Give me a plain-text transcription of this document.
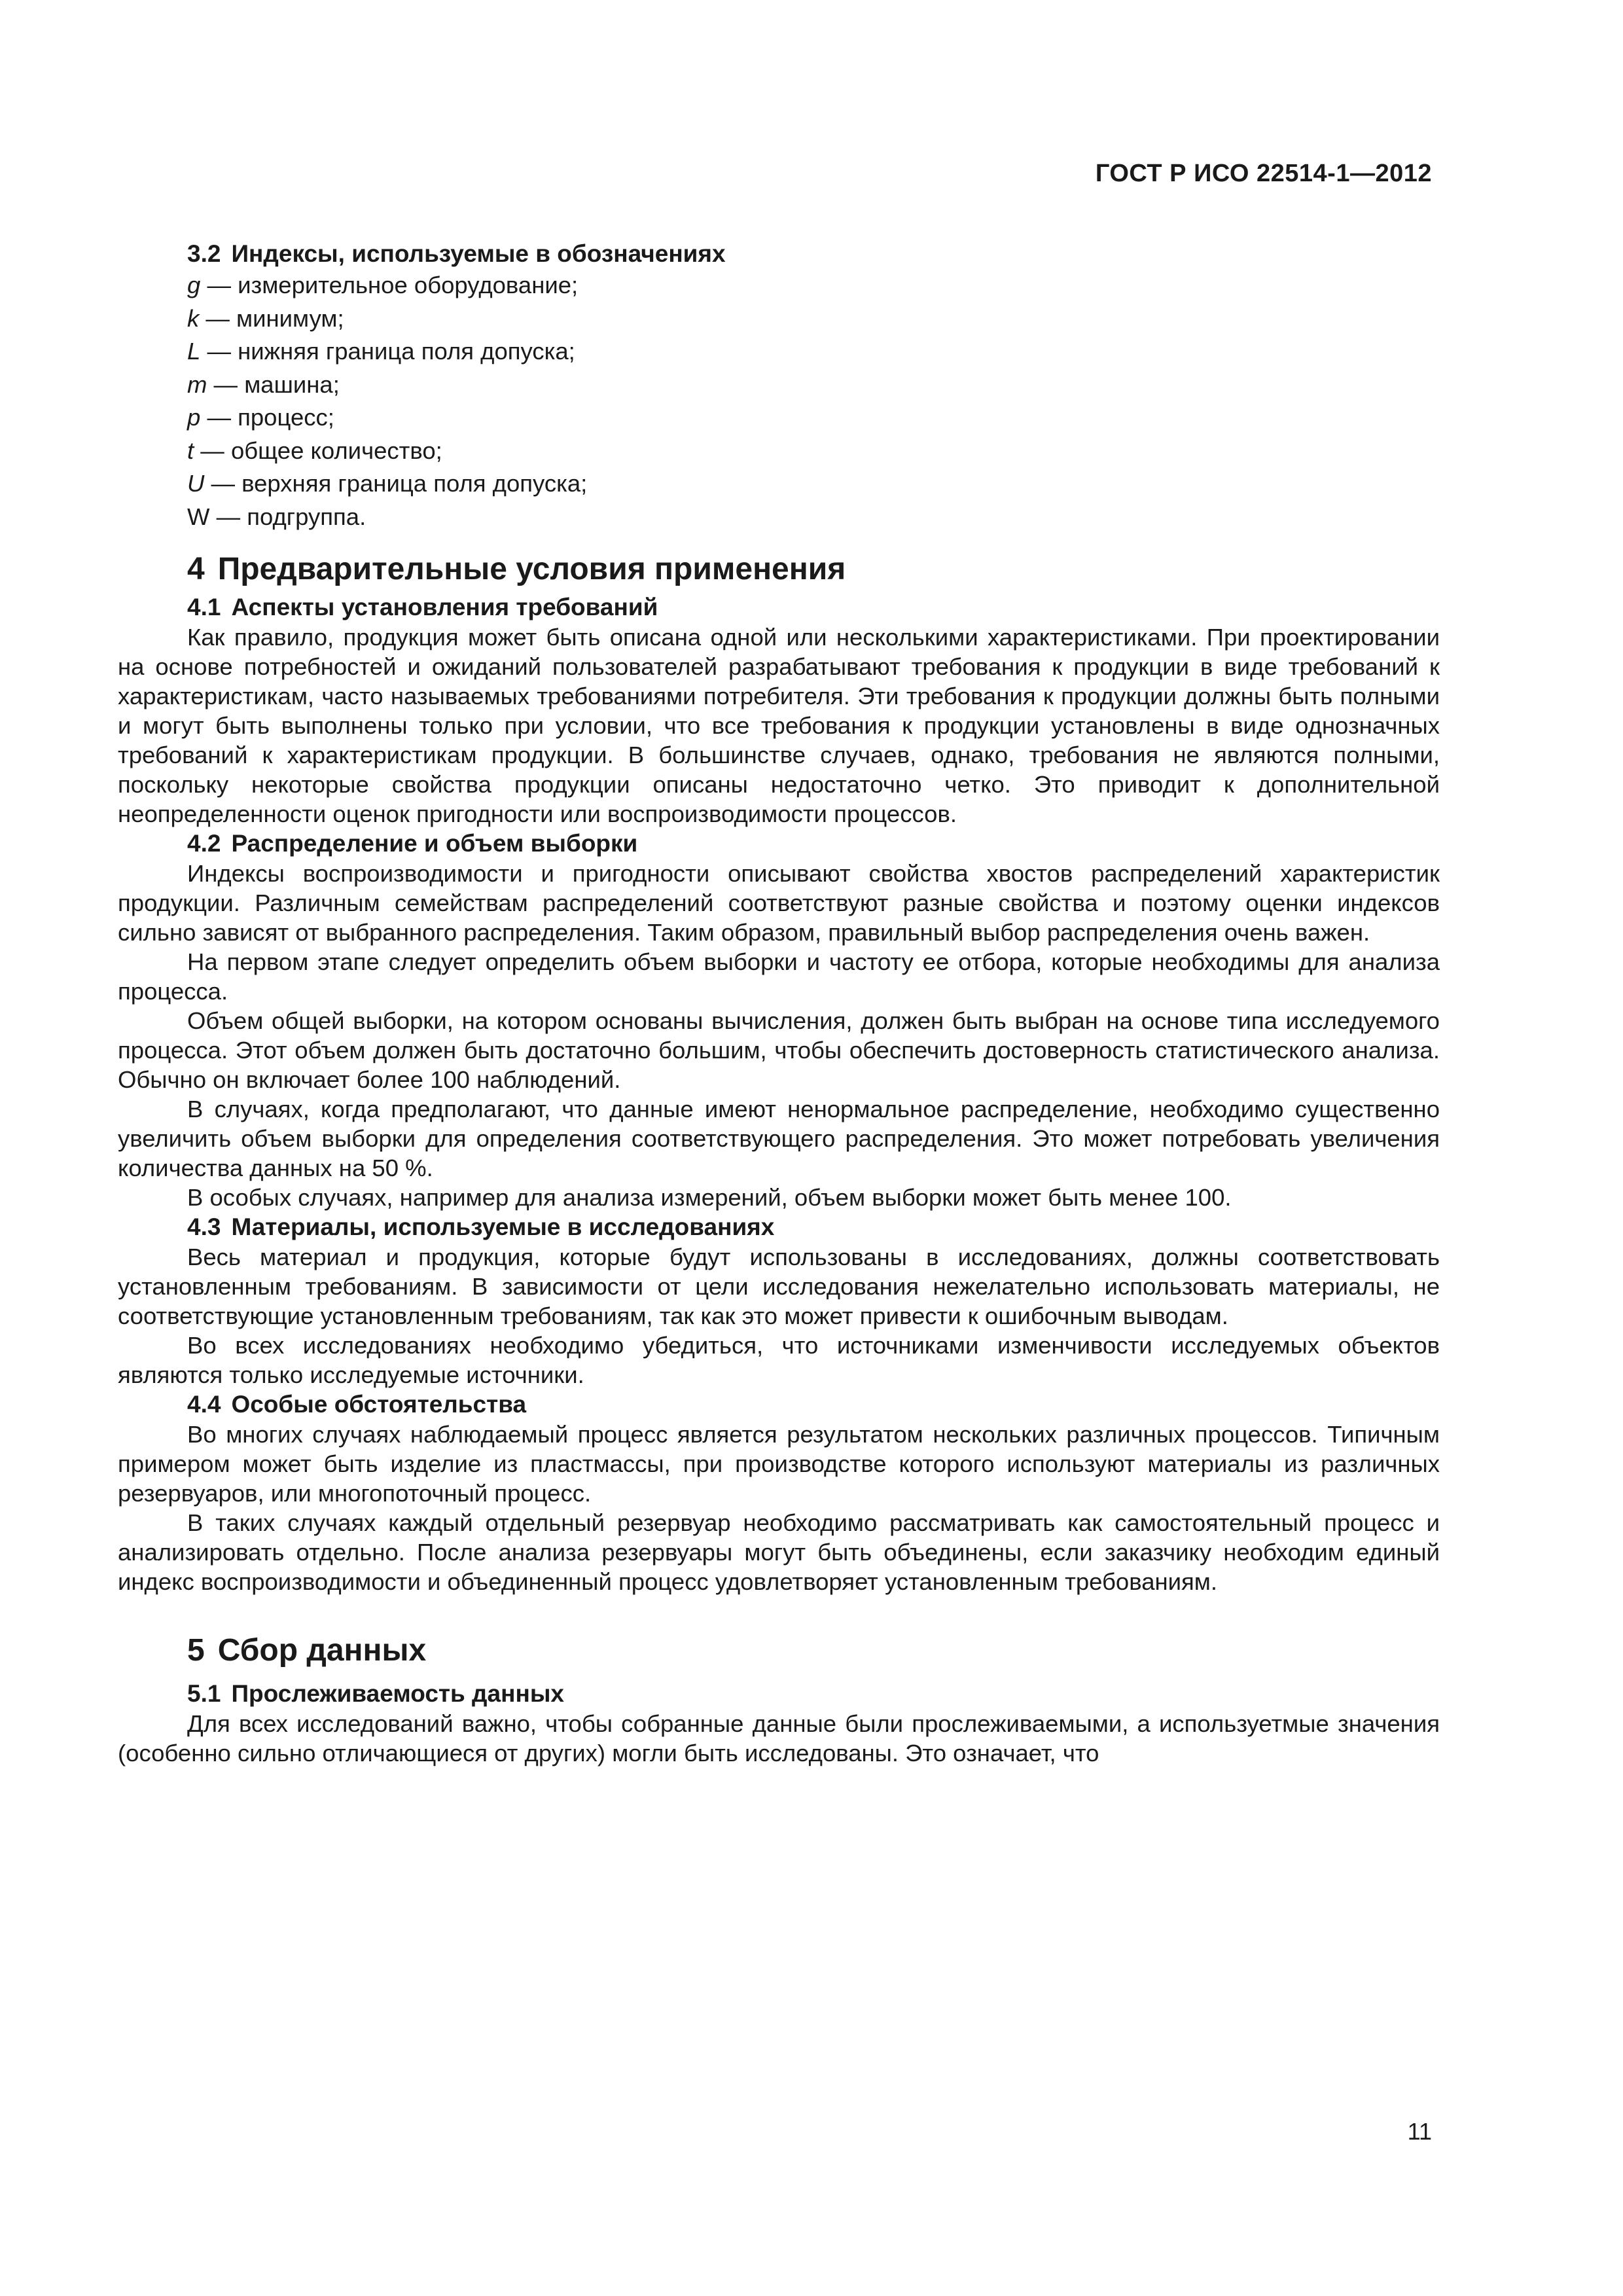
ГОСТ Р ИСО 22514-1—2012
3.2 Индексы, используемые в обозначениях
g — измерительное оборудование;
k — минимум;
L — нижняя граница поля допуска;
m — машина;
p — процесс;
t — общее количество;
U — верхняя граница поля допуска;
W — подгруппа.
4 Предварительные условия применения
4.1 Аспекты установления требований

Как правило, продукция может быть описана одной или несколькими характеристиками. При проектировании на основе потребностей и ожиданий пользователей разрабатывают требования к продукции в виде требований к характеристикам, часто называемых требованиями потребителя. Эти требования к продукции должны быть полными и могут быть выполнены только при условии, что все требования к продукции установлены в виде однозначных требований к характеристикам продукции. В большинстве случаев, однако, требования не являются полными, поскольку некоторые свойства продукции описаны недостаточно четко. Это приводит к дополнительной неопределенности оценок пригодности или воспроизводимости процессов.

4.2 Распределение и объем выборки

Индексы воспроизводимости и пригодности описывают свойства хвостов распределений характеристик продукции. Различным семействам распределений соответствуют разные свойства и поэтому оценки индексов сильно зависят от выбранного распределения. Таким образом, правильный выбор распределения очень важен.

На первом этапе следует определить объем выборки и частоту ее отбора, которые необходимы для анализа процесса.

Объем общей выборки, на котором основаны вычисления, должен быть выбран на основе типа исследуемого процесса. Этот объем должен быть достаточно большим, чтобы обеспечить достоверность статистического анализа. Обычно он включает более 100 наблюдений.

В случаях, когда предполагают, что данные имеют ненормальное распределение, необходимо существенно увеличить объем выборки для определения соответствующего распределения. Это может потребовать увеличения количества данных на 50 %.

В особых случаях, например для анализа измерений, объем выборки может быть менее 100.

4.3 Материалы, используемые в исследованиях

Весь материал и продукция, которые будут использованы в исследованиях, должны соответствовать установленным требованиям. В зависимости от цели исследования нежелательно использовать материалы, не соответствующие установленным требованиям, так как это может привести к ошибочным выводам.

Во всех исследованиях необходимо убедиться, что источниками изменчивости исследуемых объектов являются только исследуемые источники.

4.4 Особые обстоятельства

Во многих случаях наблюдаемый процесс является результатом нескольких различных процессов. Типичным примером может быть изделие из пластмассы, при производстве которого используют материалы из различных резервуаров, или многопоточный процесс.

В таких случаях каждый отдельный резервуар необходимо рассматривать как самостоятельный процесс и анализировать отдельно. После анализа резервуары могут быть объединены, если заказчику необходим единый индекс воспроизводимости и объединенный процесс удовлетворяет установленным требованиям.

5 Сбор данных
5.1 Прослеживаемость данных

Для всех исследований важно, чтобы собранные данные были прослеживаемыми, а используетмые значения (особенно сильно отличающиеся от других) могли быть исследованы. Это означает, что

11
